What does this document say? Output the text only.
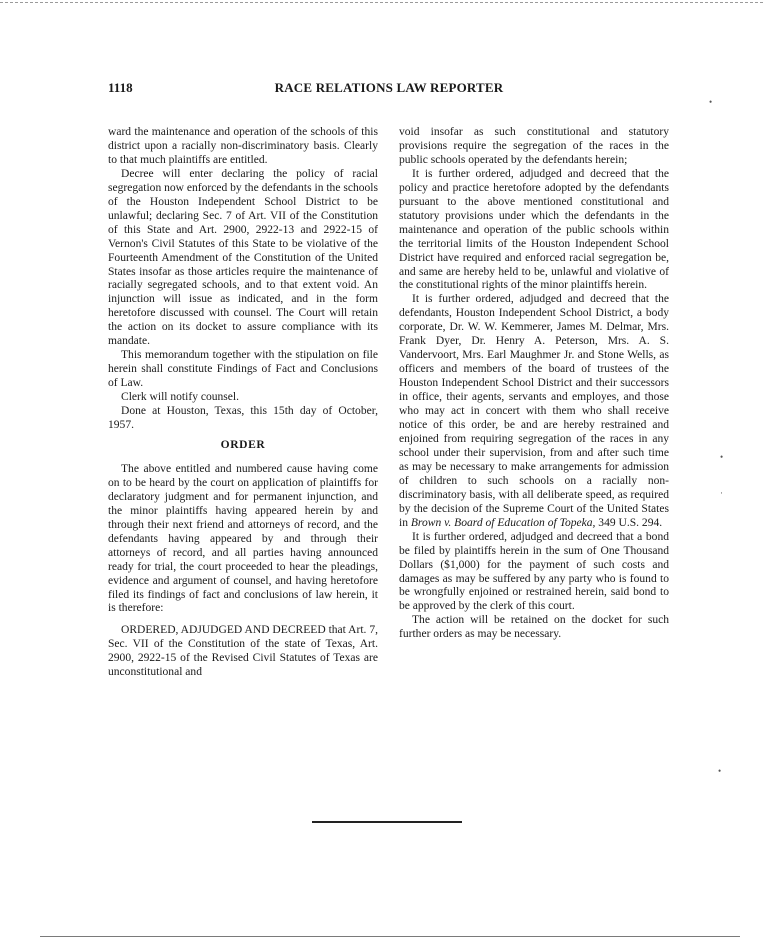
1118	RACE RELATIONS LAW REPORTER

ward the maintenance and operation of the schools of this district upon a racially non-discriminatory basis. Clearly to that much plaintiffs are entitled.

Decree will enter declaring the policy of racial segregation now enforced by the defendants in the schools of the Houston Independent School District to be unlawful; declaring Sec. 7 of Art. VII of the Constitution of this State and Art. 2900, 2922-13 and 2922-15 of Vernon's Civil Statutes of this State to be violative of the Fourteenth Amendment of the Constitution of the United States insofar as those articles require the maintenance of racially segregated schools, and to that extent void. An injunction will issue as indicated, and in the form heretofore discussed with counsel. The Court will retain the action on its docket to assure compliance with its mandate.

This memorandum together with the stipulation on file herein shall constitute Findings of Fact and Conclusions of Law.

Clerk will notify counsel.

Done at Houston, Texas, this 15th day of October, 1957.

ORDER

The above entitled and numbered cause having come on to be heard by the court on application of plaintiffs for declaratory judgment and for permanent injunction, and the minor plaintiffs having appeared herein by and through their next friend and attorneys of record, and the defendants having appeared by and through their attorneys of record, and all parties having announced ready for trial, the court proceeded to hear the pleadings, evidence and argument of counsel, and having heretofore filed its findings of fact and conclusions of law herein, it is therefore:

ORDERED, ADJUDGED AND DECREED that Art. 7, Sec. VII of the Constitution of the state of Texas, Art. 2900, 2922-15 of the Revised Civil Statutes of Texas are unconstitutional and

void insofar as such constitutional and statutory provisions require the segregation of the races in the public schools operated by the defendants herein;

It is further ordered, adjudged and decreed that the policy and practice heretofore adopted by the defendants pursuant to the above mentioned constitutional and statutory provisions under which the defendants in the maintenance and operation of the public schools within the territorial limits of the Houston Independent School District have required and enforced racial segregation be, and same are hereby held to be, unlawful and violative of the constitutional rights of the minor plaintiffs herein.

It is further ordered, adjudged and decreed that the defendants, Houston Independent School District, a body corporate, Dr. W. W. Kemmerer, James M. Delmar, Mrs. Frank Dyer, Dr. Henry A. Peterson, Mrs. A. S. Vandervoort, Mrs. Earl Maughmer Jr. and Stone Wells, as officers and members of the board of trustees of the Houston Independent School District and their successors in office, their agents, servants and employes, and those who may act in concert with them who shall receive notice of this order, be and are hereby restrained and enjoined from requiring segregation of the races in any school under their supervision, from and after such time as may be necessary to make arrangements for admission of children to such schools on a racially non-discriminatory basis, with all deliberate speed, as required by the decision of the Supreme Court of the United States in Brown v. Board of Education of Topeka, 349 U.S. 294.

It is further ordered, adjudged and decreed that a bond be filed by plaintiffs herein in the sum of One Thousand Dollars ($1,000) for the payment of such costs and damages as may be suffered by any party who is found to be wrongfully enjoined or restrained herein, said bond to be approved by the clerk of this court.

The action will be retained on the docket for such further orders as may be necessary.

•
•
·
•
